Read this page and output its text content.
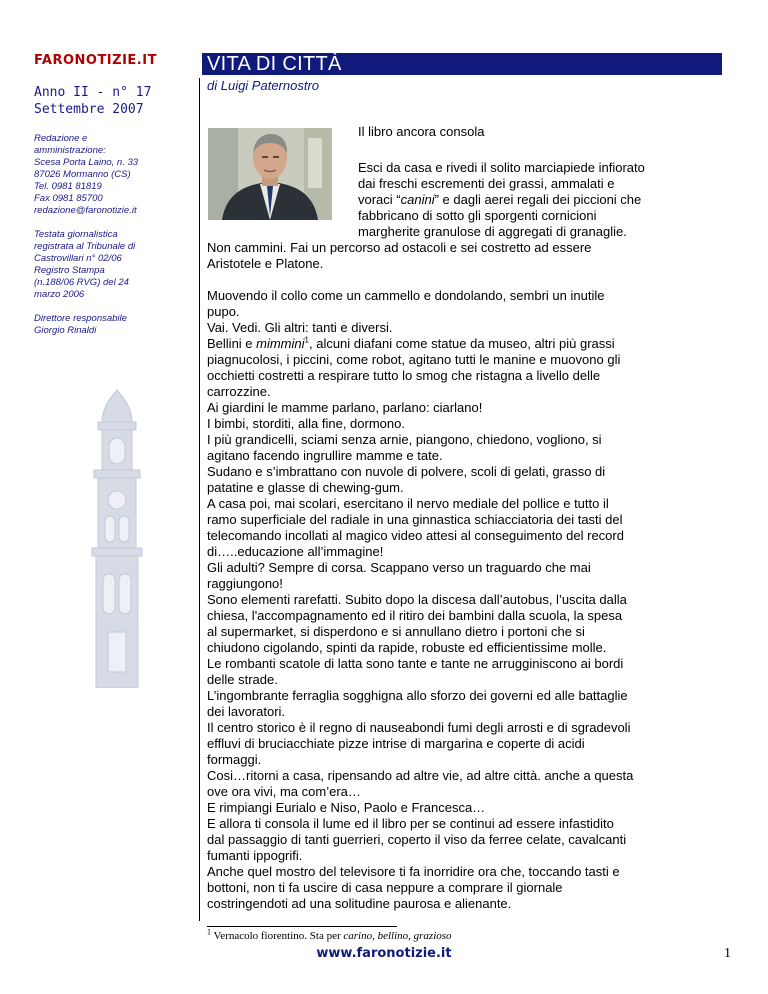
FARONOTIZIE.IT
Anno II - n° 17
Settembre 2007
Redazione e
amministrazione:
Scesa Porta Laino, n. 33
87026 Mormanno (CS)
Tel. 0981 81819
Fax 0981 85700
redazione@faronotizie.it
Testata giornalistica
registrata al Tribunale di
Castrovillari n° 02/06
Registro Stampa
(n.188/06 RVG) del 24
marzo 2006
Direttore responsabile
Giorgio Rinaldi
VITA DI CITTÀ
di Luigi Paternostro
Il libro ancora consola
Esci da casa e rivedi il solito marciapiede infiorato
dai freschi escrementi dei grassi, ammalati e
voraci “canini” e dagli aerei regali dei piccioni che
fabbricano di sotto gli sporgenti cornicioni
margherite granulose di aggregati di granaglie.
Non cammini. Fai un percorso ad ostacoli e sei costretto ad essere
Aristotele e Platone.
Muovendo il collo come un cammello e dondolando, sembri un inutile
pupo.
Vai. Vedi. Gli altri: tanti e diversi.
Bellini e mimmini$^1$, alcuni diafani come statue da museo, altri più grassi
piagnucolosi, i piccini, come robot, agitano tutti le manine e muovono gli
occhietti costretti a respirare tutto lo smog che ristagna a livello delle
carrozzine.
Ai giardini le mamme parlano, parlano: ciarlano!
I bimbi, storditi, alla fine, dormono.
I più grandicelli, sciami senza arnie, piangono, chiedono, vogliono, si
agitano facendo ingrullire mamme e tate.
Sudano e s’imbrattano con nuvole di polvere, scoli di gelati, grasso di
patatine e glasse di chewing-gum.
A casa poi, mai scolari, esercitano il nervo mediale del pollice e tutto il
ramo superficiale del radiale in una ginnastica schiacciatoria dei tasti del
telecomando incollati al magico video attesi al conseguimento del record
di…..educazione all’immagine!
Gli adulti? Sempre di corsa. Scappano verso un traguardo che mai
raggiungono!
Sono elementi rarefatti. Subito dopo la discesa dall’autobus, l’uscita dalla
chiesa, l'accompagnamento ed il ritiro dei bambini dalla scuola, la spesa
al supermarket, si disperdono e si annullano dietro i portoni che si
chiudono cigolando, spinti da rapide, robuste ed efficientissime molle.
Le rombanti scatole di latta sono tante e tante ne arrugginiscono ai bordi
delle strade.
L’ingombrante ferraglia sogghigna allo sforzo dei governi ed alle battaglie
dei lavoratori.
Il centro storico è il regno di nauseabondi fumi degli arrosti e di sgradevoli
effluvi di bruciacchiate pizze intrise di margarina e coperte di acidi
formaggi.
Cosi…ritorni a casa, ripensando ad altre vie, ad altre città. anche a questa
ove ora vivi, ma com’era…
E rimpiangi Eurialo e Niso, Paolo e Francesca…
E allora ti consola il lume ed il libro per se continui ad essere infastidito
dal passaggio di tanti guerrieri, coperto il viso da ferree celate, cavalcanti
fumanti ippogrifi.
Anche quel mostro del televisore ti fa inorridire ora che, toccando tasti e
bottoni, non ti fa uscire di casa neppure a comprare il giornale
costringendoti ad una solitudine paurosa e alienante.
$^1$ Vernacolo fiorentino. Sta per carino, bellino, grazioso
www.faronotizie.it	1
